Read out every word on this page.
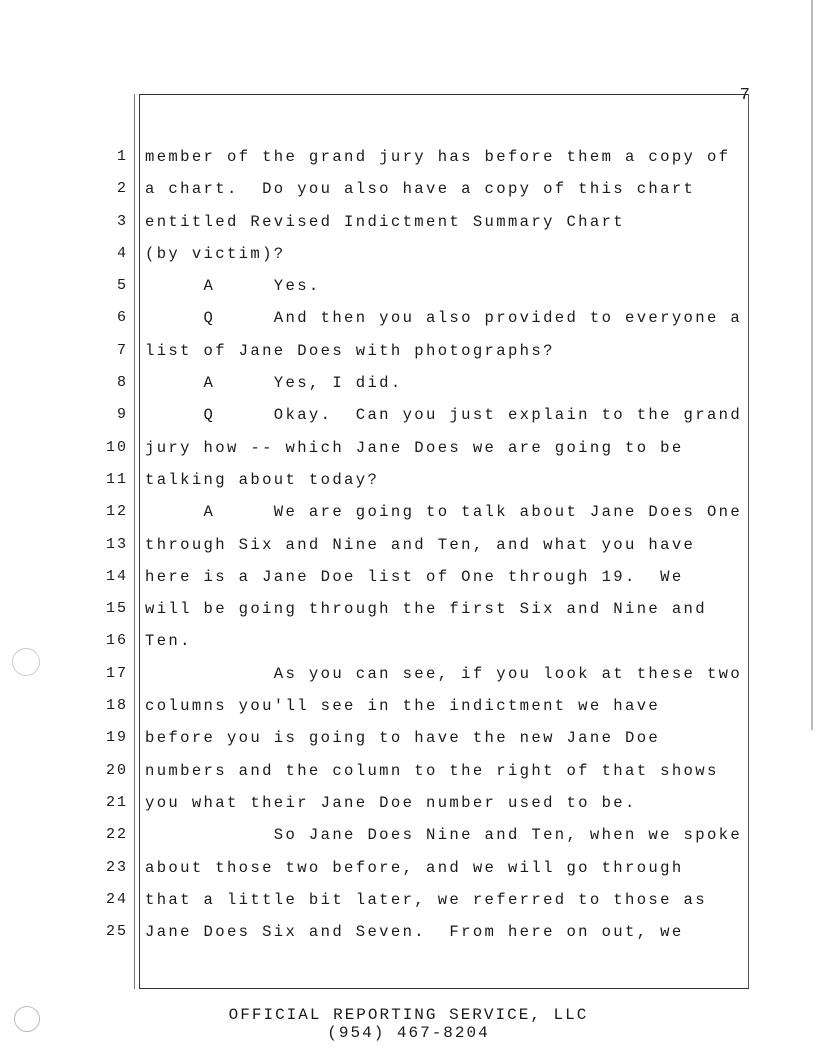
7
1 member of the grand jury has before them a copy of
2 a chart.  Do you also have a copy of this chart
3 entitled Revised Indictment Summary Chart
4 (by victim)?
5 A     Yes.
6 Q     And then you also provided to everyone a
7 list of Jane Does with photographs?
8 A     Yes, I did.
9 Q     Okay.  Can you just explain to the grand
10 jury how -- which Jane Does we are going to be
11 talking about today?
12 A     We are going to talk about Jane Does One
13 through Six and Nine and Ten, and what you have
14 here is a Jane Doe list of One through 19.  We
15 will be going through the first Six and Nine and
16 Ten.
17 As you can see, if you look at these two
18 columns you'll see in the indictment we have
19 before you is going to have the new Jane Doe
20 numbers and the column to the right of that shows
21 you what their Jane Doe number used to be.
22 So Jane Does Nine and Ten, when we spoke
23 about those two before, and we will go through
24 that a little bit later, we referred to those as
25 Jane Does Six and Seven.  From here on out, we
OFFICIAL REPORTING SERVICE, LLC
(954) 467-8204
